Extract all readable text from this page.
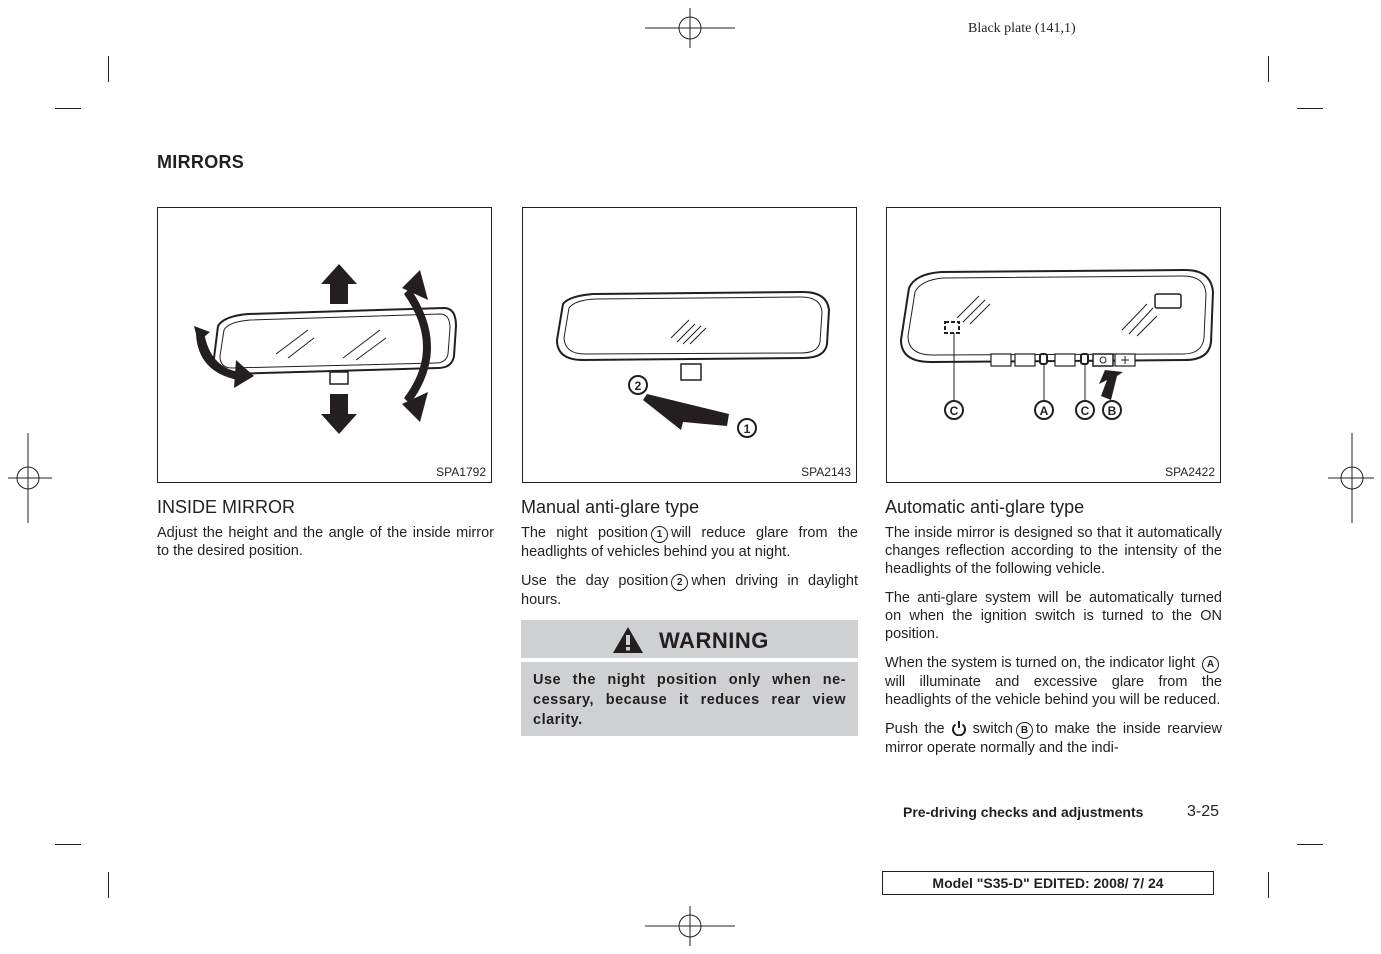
Black plate (141,1)
MIRRORS
SPA1792
2
1
SPA2143
C	A	C B
SPA2422
INSIDE MIRROR

Adjust the height and the angle of the inside mirror to the desired position.

Manual anti-glare type

The night position 1 will reduce glare from the headlights of vehicles behind you at night.

Use the day position 2 when driving in daylight hours.

WARNING
Use the night position only when ne-cessary, because it reduces rear view clarity.
Automatic anti-glare type

The inside mirror is designed so that it automatically changes reflection according to the intensity of the headlights of the following vehicle.

The anti-glare system will be automatically turned on when the ignition switch is turned to the ON position.

When the system is turned on, the indicator light Awill illuminate and excessive glare from the headlights of the vehicle behind you will be reduced.

Push the switch B to make the inside rearview mirror operate normally and the indi-

Pre-driving checks and adjustments	3-25
Model "S35-D" EDITED: 2008/ 7/ 24
